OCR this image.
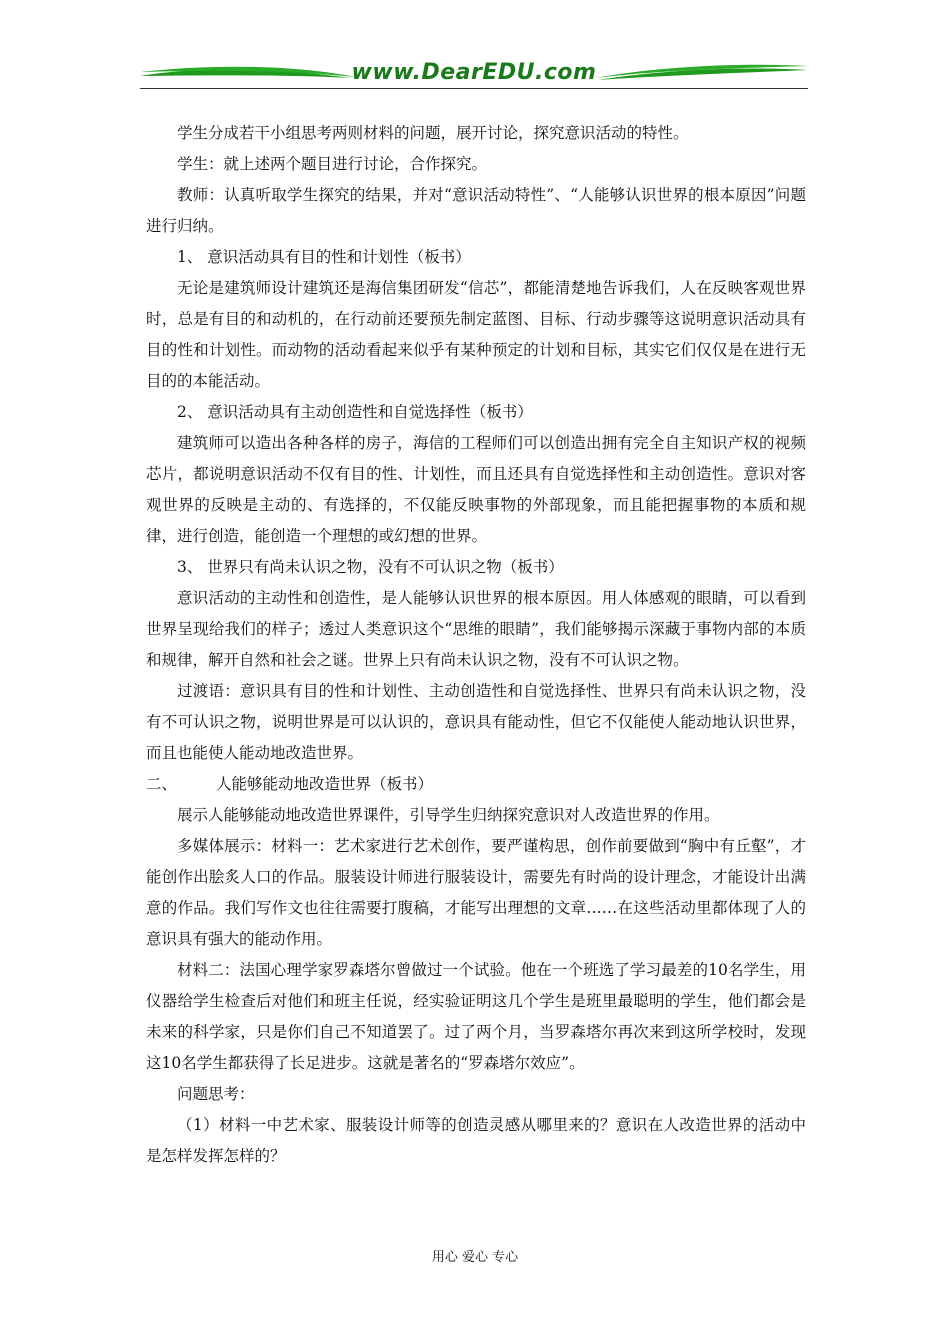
www.DearEDU.com

学生分成若干小组思考两则材料的问题，展开讨论，探究意识活动的特性。

学生：就上述两个题目进行讨论，合作探究。

教师：认真听取学生探究的结果，并对“意识活动特性”、“人能够认识世界的根本原因”问题进行归纳。

1、 意识活动具有目的性和计划性（板书）

无论是建筑师设计建筑还是海信集团研发“信芯”，都能清楚地告诉我们，人在反映客观世界时，总是有目的和动机的，在行动前还要预先制定蓝图、目标、行动步骤等这说明意识活动具有目的性和计划性。而动物的活动看起来似乎有某种预定的计划和目标，其实它们仅仅是在进行无目的的本能活动。

2、 意识活动具有主动创造性和自觉选择性（板书）

建筑师可以造出各种各样的房子，海信的工程师们可以创造出拥有完全自主知识产权的视频芯片，都说明意识活动不仅有目的性、计划性，而且还具有自觉选择性和主动创造性。意识对客观世界的反映是主动的、有选择的，不仅能反映事物的外部现象，而且能把握事物的本质和规律，进行创造，能创造一个理想的或幻想的世界。

3、 世界只有尚未认识之物，没有不可认识之物（板书）

意识活动的主动性和创造性，是人能够认识世界的根本原因。用人体感观的眼睛，可以看到世界呈现给我们的样子；透过人类意识这个“思维的眼睛”，我们能够揭示深藏于事物内部的本质和规律，解开自然和社会之谜。世界上只有尚未认识之物，没有不可认识之物。

过渡语：意识具有目的性和计划性、主动创造性和自觉选择性、世界只有尚未认识之物，没有不可认识之物，说明世界是可以认识的，意识具有能动性，但它不仅能使人能动地认识世界，而且也能使人能动地改造世界。

二、	人能够能动地改造世界（板书）

展示人能够能动地改造世界课件，引导学生归纳探究意识对人改造世界的作用。

多媒体展示：材料一：艺术家进行艺术创作，要严谨构思，创作前要做到“胸中有丘壑”，才能创作出脍炙人口的作品。服装设计师进行服装设计，需要先有时尚的设计理念，才能设计出满意的作品。我们写作文也往往需要打腹稿，才能写出理想的文章……在这些活动里都体现了人的意识具有强大的能动作用。

材料二：法国心理学家罗森塔尔曾做过一个试验。他在一个班选了学习最差的10名学生，用仪器给学生检查后对他们和班主任说，经实验证明这几个学生是班里最聪明的学生，他们都会是未来的科学家，只是你们自己不知道罢了。过了两个月，当罗森塔尔再次来到这所学校时，发现这10名学生都获得了长足进步。这就是著名的“罗森塔尔效应”。

问题思考：

（1）材料一中艺术家、服装设计师等的创造灵感从哪里来的？意识在人改造世界的活动中是怎样发挥怎样的？

用心 爱心 专心
